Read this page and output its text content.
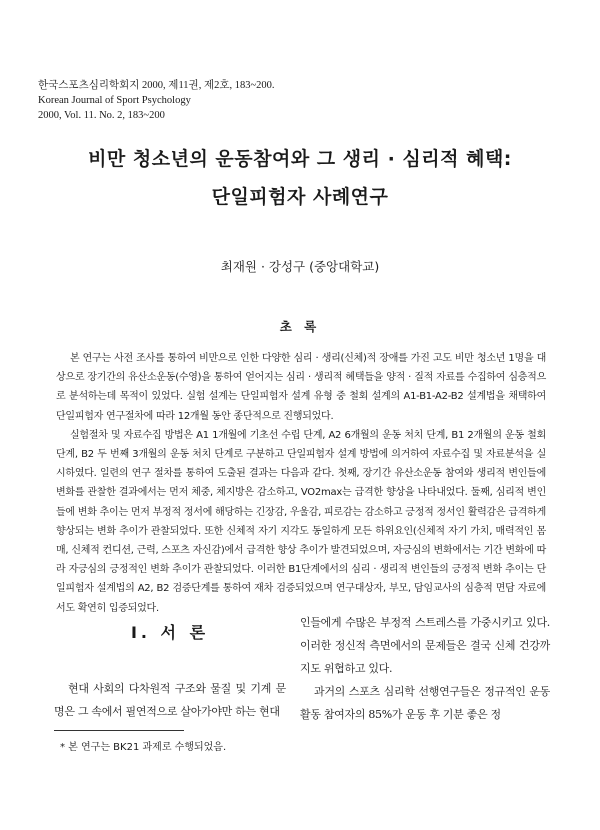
한국스포츠심리학회지 2000, 제11권, 제2호, 183~200.
Korean Journal of Sport Psychology
2000, Vol. 11. No. 2, 183~200
비만 청소년의 운동참여와 그 생리 · 심리적 혜택:
단일피험자 사례연구
최재원 · 강성구 (중앙대학교)
초 록

본 연구는 사전 조사를 통하여 비만으로 인한 다양한 심리 · 생리(신체)적 장애를 가진 고도 비만 청소년 1명을 대상으로 장기간의 유산소운동(수영)을 통하여 얻어지는 심리 · 생리적 혜택들을 양적 · 질적 자료를 수집하여 심층적으로 분석하는데 목적이 있었다. 실험 설계는 단일피험자 설계 유형 중 철회 설계의 A1-B1-A2-B2 설계법을 채택하여 단일피험자 연구절차에 따라 12개월 동안 종단적으로 진행되었다.

실험절차 및 자료수집 방법은 A1 1개월에 기초선 수립 단계, A2 6개월의 운동 처치 단계, B1 2개월의 운동 철회 단계, B2 두 번째 3개월의 운동 처치 단계로 구분하고 단일피험자 설계 방법에 의거하여 자료수집 및 자료분석을 실시하였다. 일련의 연구 절차를 통하여 도출된 결과는 다음과 같다. 첫째, 장기간 유산소운동 참여와 생리적 변인들에 변화를 관찰한 결과에서는 먼저 체중, 체지방은 감소하고, VO2max는 급격한 향상을 나타내었다. 둘째, 심리적 변인들에 변화 추이는 먼저 부정적 정서에 해당하는 긴장감, 우울감, 피로감는 감소하고 긍정적 정서인 활력감은 급격하게 향상되는 변화 추이가 관찰되었다. 또한 신체적 자기 지각도 동일하게 모든 하위요인(신체적 자기 가치, 매력적인 몸매, 신체적 컨디션, 근력, 스포츠 자신감)에서 급격한 향상 추이가 발견되었으며, 자긍심의 변화에서는 기간 변화에 따라 자긍심의 긍정적인 변화 추이가 관찰되었다. 이러한 B1단계에서의 심리 · 생리적 변인들의 긍정적 변화 추이는 단일피험자 설계법의 A2, B2 검증단계를 통하여 재차 검증되었으며 연구대상자, 부모, 담임교사의 심층적 면담 자료에서도 확연히 입증되었다.

Ⅰ. 서 론

현대 사회의 다차원적 구조와 물질 및 기계 문명은 그 속에서 필연적으로 살아가야만 하는 현대

인들에게 수많은 부정적 스트레스를 가중시키고 있다. 이러한 정신적 측면에서의 문제들은 결국 신체 건강까지도 위협하고 있다.

과거의 스포츠 심리학 선행연구들은 정규적인 운동 활동 참여자의 85%가 운동 후 기분 좋은 정

* 본 연구는 BK21 과제로 수행되었음.
